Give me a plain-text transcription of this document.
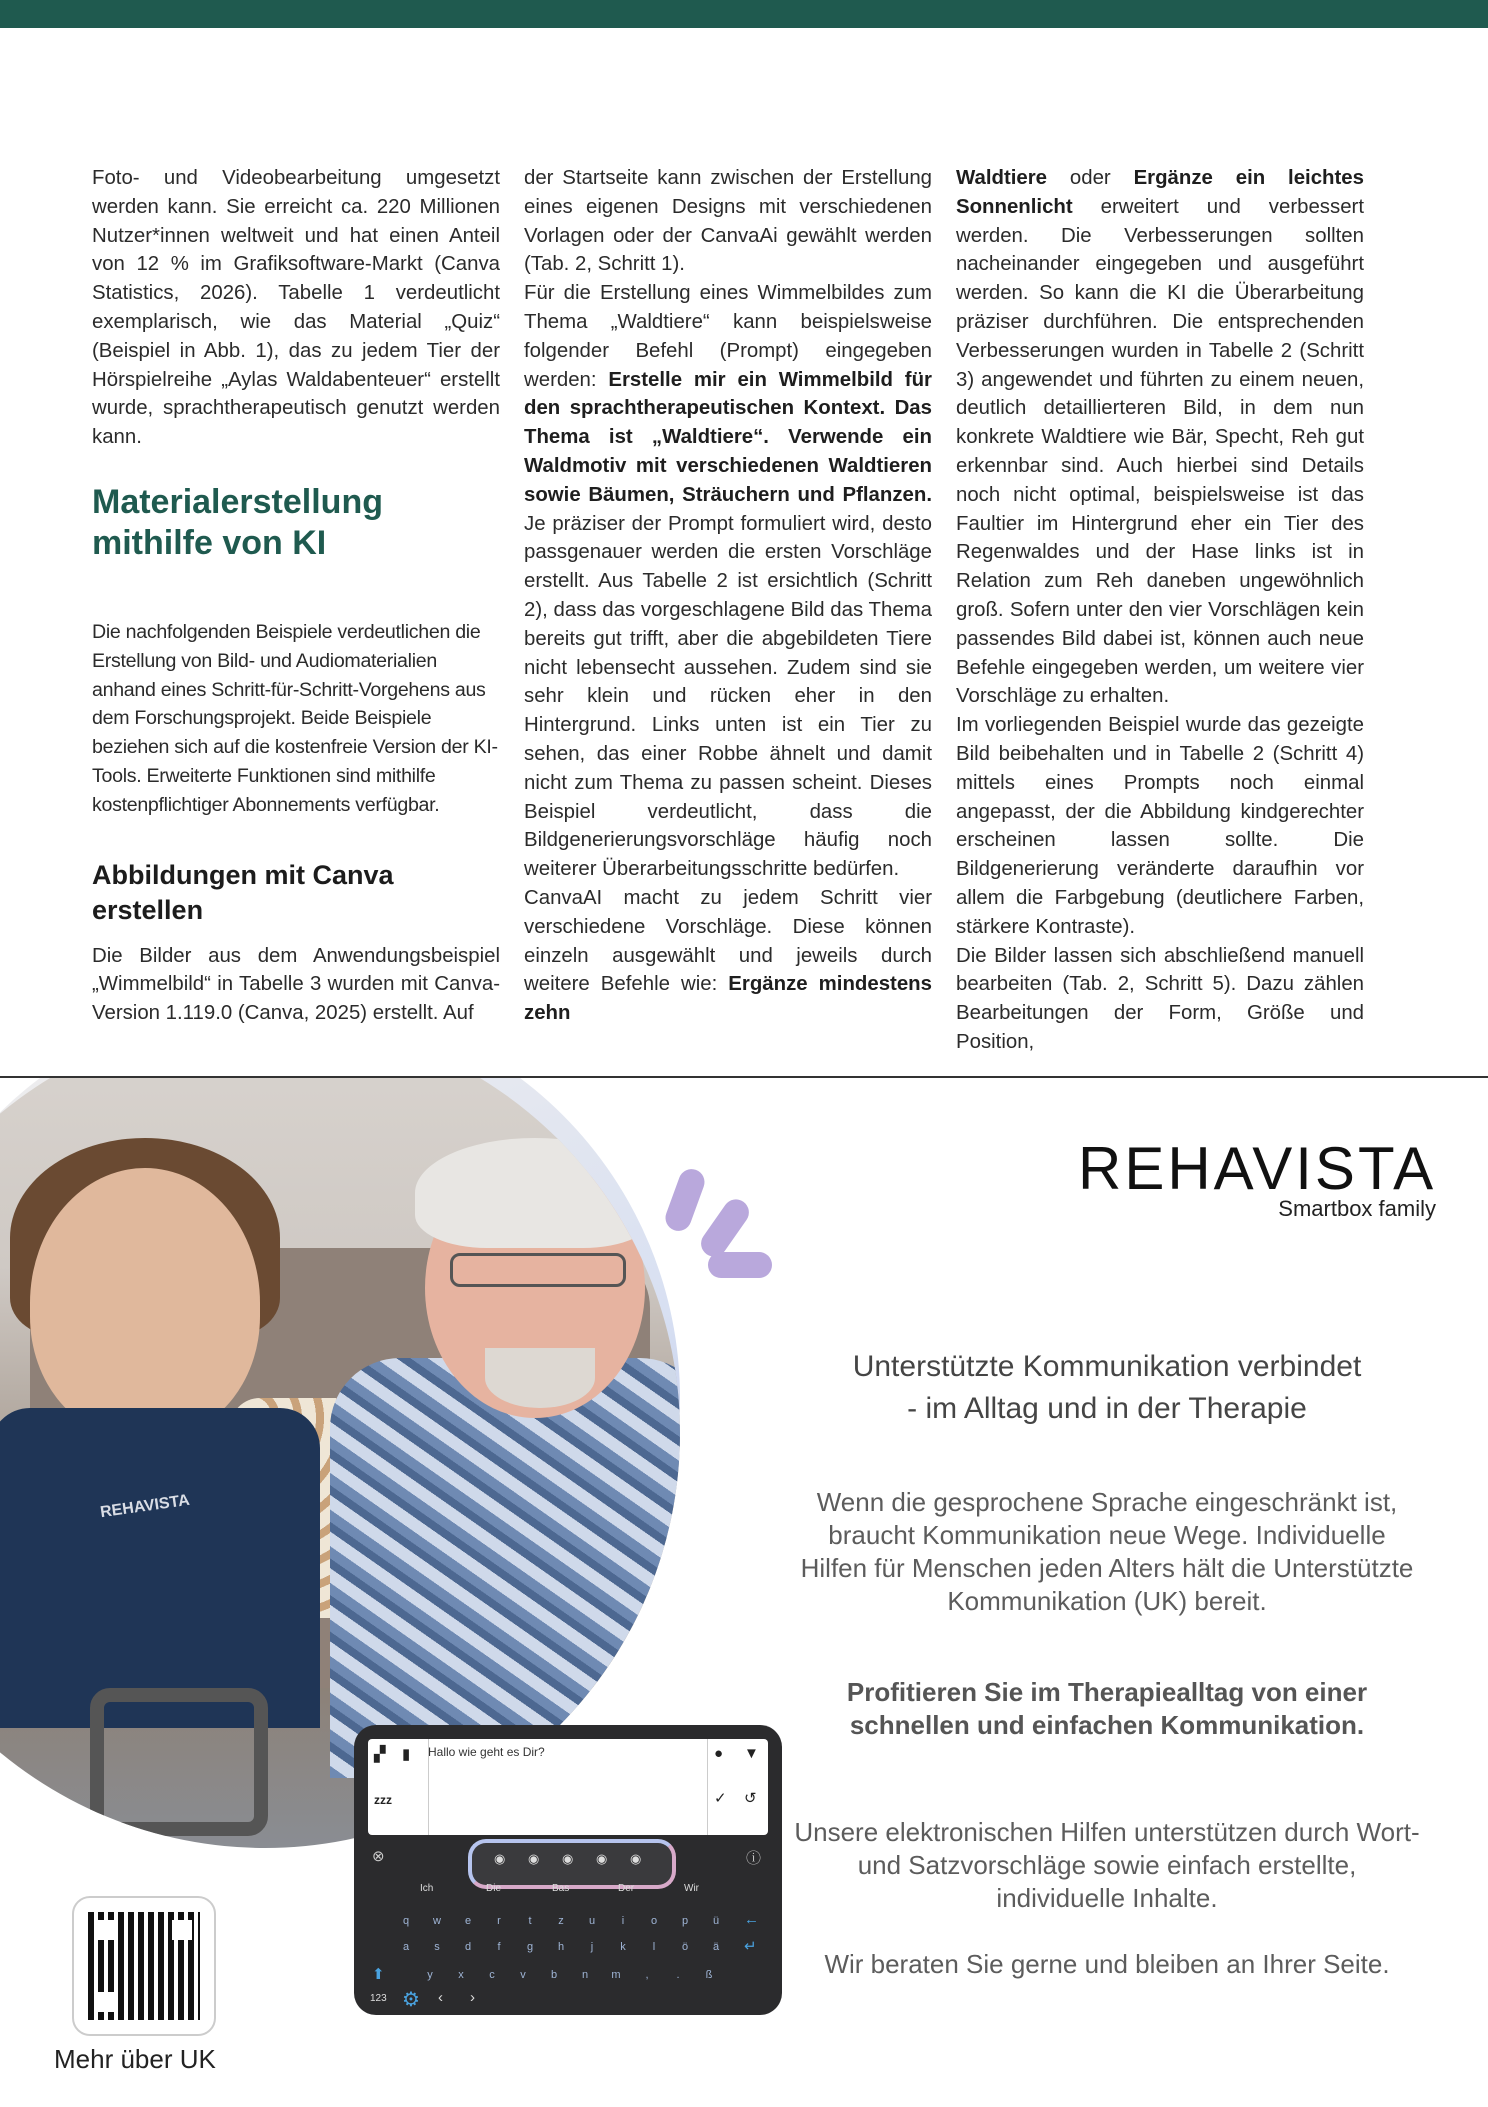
Foto- und Videobearbeitung umgesetzt werden kann. Sie erreicht ca. 220 Millionen Nutzer*innen weltweit und hat einen Anteil von 12 % im Grafiksoftware-Markt (Canva Statistics, 2026). Tabelle 1 verdeutlicht exemplarisch, wie das Material „Quiz“ (Beispiel in Abb. 1), das zu jedem Tier der Hörspielreihe „Aylas Waldabenteuer“ erstellt wurde, sprachtherapeutisch genutzt werden kann.

Materialerstellung mithilfe von KI

Die nachfolgenden Beispiele verdeutlichen die Erstellung von Bild- und Audiomaterialien anhand eines Schritt-für-Schritt-Vorgehens aus dem Forschungsprojekt. Beide Beispiele beziehen sich auf die kostenfreie Version der KI-Tools. Erweiterte Funktionen sind mithilfe kostenpflichtiger Abonnements verfügbar.

Abbildungen mit Canva erstellen

Die Bilder aus dem Anwendungsbeispiel „Wimmelbild“ in Tabelle 3 wurden mit Canva-Version 1.119.0 (Canva, 2025) erstellt. Auf

der Startseite kann zwischen der Erstellung eines eigenen Designs mit verschiedenen Vorlagen oder der CanvaAi gewählt werden (Tab. 2, Schritt 1).

Für die Erstellung eines Wimmelbildes zum Thema „Waldtiere“ kann beispielsweise folgender Befehl (Prompt) eingegeben werden: Erstelle mir ein Wimmelbild für den sprachtherapeutischen Kontext. Das Thema ist „Waldtiere“. Verwende ein Waldmotiv mit verschiedenen Waldtieren sowie Bäumen, Sträuchern und Pflanzen. Je präziser der Prompt formuliert wird, desto passgenauer werden die ersten Vorschläge erstellt. Aus Tabelle 2 ist ersichtlich (Schritt 2), dass das vorgeschlagene Bild das Thema bereits gut trifft, aber die abgebildeten Tiere nicht lebensecht aussehen. Zudem sind sie sehr klein und rücken eher in den Hintergrund. Links unten ist ein Tier zu sehen, das einer Robbe ähnelt und damit nicht zum Thema zu passen scheint. Dieses Beispiel verdeutlicht, dass die Bildgenerierungsvorschläge häufig noch weiterer Überarbeitungsschritte bedürfen.

CanvaAI macht zu jedem Schritt vier verschiedene Vorschläge. Diese können einzeln ausgewählt und jeweils durch weitere Befehle wie: Ergänze mindestens zehn

Waldtiere oder Ergänze ein leichtes Sonnenlicht erweitert und verbessert werden. Die Verbesserungen sollten nacheinander eingegeben und ausgeführt werden. So kann die KI die Überarbeitung präziser durchführen. Die entsprechenden Verbesserungen wurden in Tabelle 2 (Schritt 3) angewendet und führten zu einem neuen, deutlich detaillierteren Bild, in dem nun konkrete Waldtiere wie Bär, Specht, Reh gut erkennbar sind. Auch hierbei sind Details noch nicht optimal, beispielsweise ist das Faultier im Hintergrund eher ein Tier des Regenwaldes und der Hase links ist in Relation zum Reh daneben ungewöhnlich groß. Sofern unter den vier Vorschlägen kein passendes Bild dabei ist, können auch neue Befehle eingegeben werden, um weitere vier Vorschläge zu erhalten.

Im vorliegenden Beispiel wurde das gezeigte Bild beibehalten und in Tabelle 2 (Schritt 4) mittels eines Prompts noch einmal angepasst, der die Abbildung kindgerechter erscheinen lassen sollte. Die Bildgenerierung veränderte daraufhin vor allem die Farbgebung (deutlichere Farben, stärkere Kontraste).

Die Bilder lassen sich abschließend manuell bearbeiten (Tab. 2, Schritt 5). Dazu zählen Bearbeitungen der Form, Größe und Position,

REHAVISTA
▞ ▮
zzz
Hallo wie geht es Dir?	● ▼
✓ ↺
⊗	ⓘ
◉ ◉ ◉ ◉ ◉
Ich	Die	Bas	Der	Wir
q	w	e	r	t	z	u	i	o	p	ü
a	s	d	f	g	h	j	k	l	ö	ä
y	x	c	v	b	n	m	,	.	ß
123 ⚙ ‹ ›
⬆
↵
←
Mehr über UK
REHAVISTA
Smartbox family
Unterstützte Kommunikation verbindet
- im Alltag und in der Therapie

Wenn die gesprochene Sprache eingeschränkt ist, braucht Kommunikation neue Wege. Individuelle Hilfen für Menschen jeden Alters hält die Unterstützte Kommunikation (UK) bereit.

Profitieren Sie im Therapiealltag von einer schnellen und einfachen Kommunikation.

Unsere elektronischen Hilfen unterstützen durch Wort- und Satzvorschläge sowie einfach erstellte, individuelle Inhalte.

Wir beraten Sie gerne und bleiben an Ihrer Seite.
